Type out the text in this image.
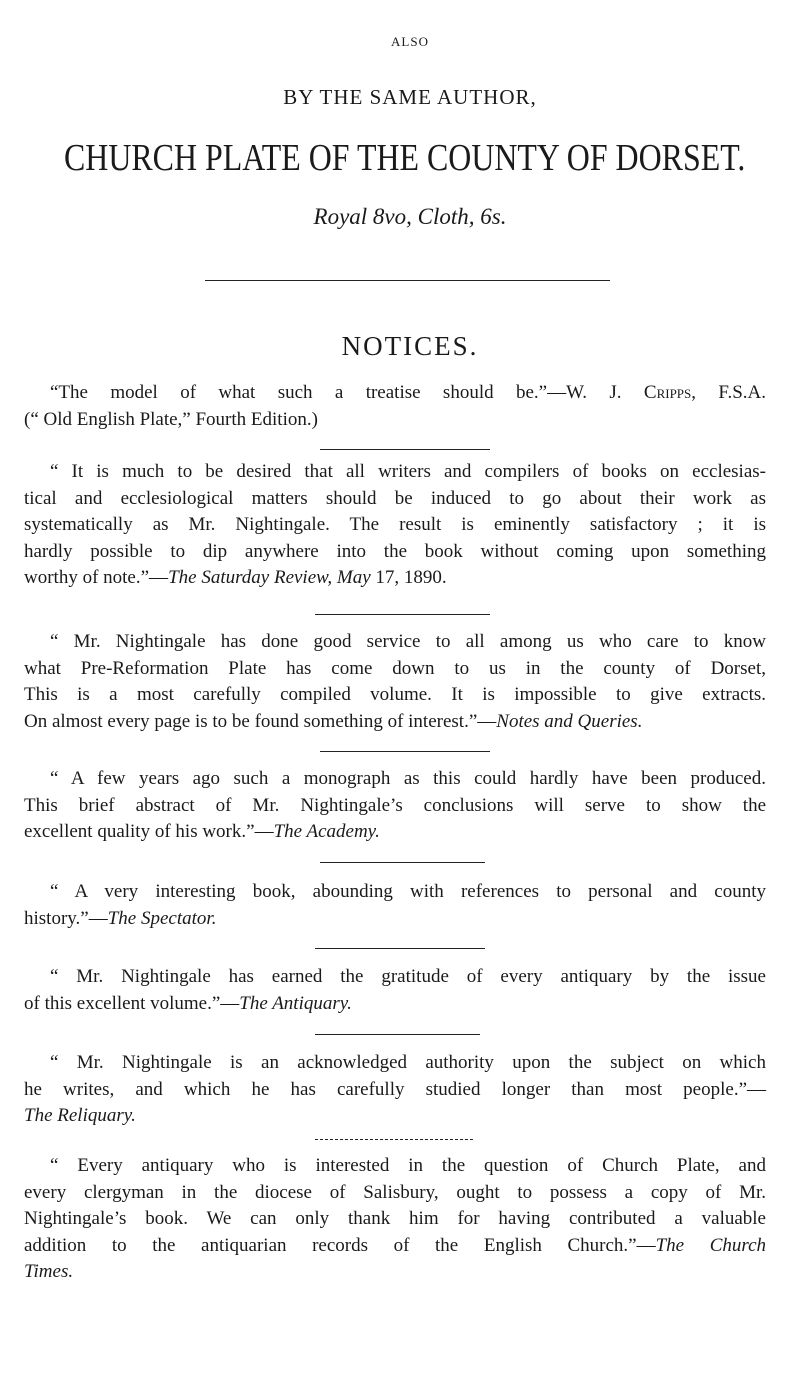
ALSO
BY THE SAME AUTHOR,
CHURCH PLATE OF THE COUNTY OF DORSET.
Royal 8vo, Cloth, 6s.
NOTICES.
“The model of what such a treatise should be.”—W. J. Cripps, F.S.A.
(“ Old English Plate,” Fourth Edition.)
“ It is much to be desired that all writers and compilers of books on ecclesias-
tical and ecclesiological matters should be induced to go about their work as
systematically as Mr. Nightingale. The result is eminently satisfactory ; it is
hardly possible to dip anywhere into the book without coming upon something
worthy of note.”—The Saturday Review, May 17, 1890.
“ Mr. Nightingale has done good service to all among us who care to know
what Pre-Reformation Plate has come down to us in the county of Dorset,
This is a most carefully compiled volume. It is impossible to give extracts.
On almost every page is to be found something of interest.”—Notes and Queries.
“ A few years ago such a monograph as this could hardly have been produced.
This brief abstract of Mr. Nightingale’s conclusions will serve to show the
excellent quality of his work.”—The Academy.
“ A very interesting book, abounding with references to personal and county
history.”—The Spectator.
“ Mr. Nightingale has earned the gratitude of every antiquary by the issue
of this excellent volume.”—The Antiquary.
“ Mr. Nightingale is an acknowledged authority upon the subject on which
he writes, and which he has carefully studied longer than most people.”—
The Reliquary.
“ Every antiquary who is interested in the question of Church Plate, and
every clergyman in the diocese of Salisbury, ought to possess a copy of Mr.
Nightingale’s book. We can only thank him for having contributed a valuable
addition to the antiquarian records of the English Church.”—The Church
Times.
